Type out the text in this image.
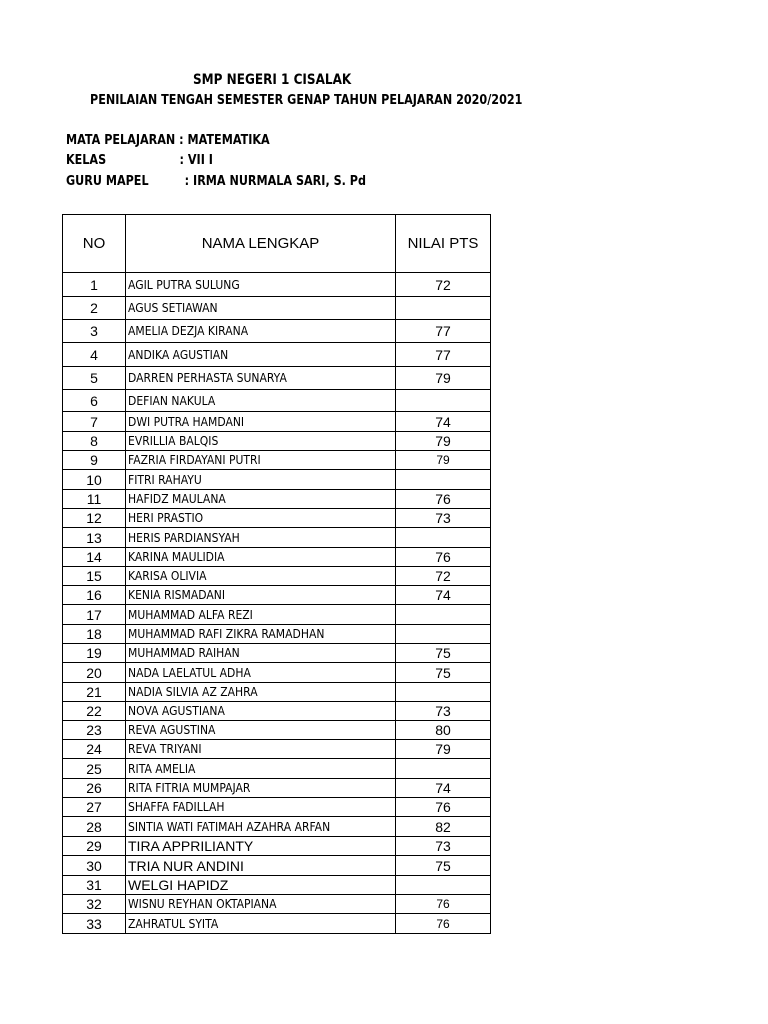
SMP NEGERI 1 CISALAK
PENILAIAN TENGAH SEMESTER GENAP TAHUN PELAJARAN 2020/2021
MATA PELAJARAN : MATEMATIKA
KELAS	: VII I
GURU MAPEL	: IRMA NURMALA SARI, S. Pd
NO	NAMA LENGKAP	NILAI PTS
1	AGIL PUTRA SULUNG	72
2	AGUS SETIAWAN	
3	AMELIA DEZJA KIRANA	77
4	ANDIKA AGUSTIAN	77
5	DARREN PERHASTA SUNARYA	79
6	DEFIAN NAKULA	
7	DWI PUTRA HAMDANI	74
8	EVRILLIA BALQIS	79
9	FAZRIA FIRDAYANI PUTRI	79
10	FITRI RAHAYU	
11	HAFIDZ MAULANA	76
12	HERI PRASTIO	73
13	HERIS PARDIANSYAH	
14	KARINA MAULIDIA	76
15	KARISA OLIVIA	72
16	KENIA RISMADANI	74
17	MUHAMMAD ALFA REZI	
18	MUHAMMAD RAFI ZIKRA RAMADHAN	
19	MUHAMMAD RAIHAN	75
20	NADA LAELATUL ADHA	75
21	NADIA SILVIA AZ ZAHRA	
22	NOVA AGUSTIANA	73
23	REVA AGUSTINA	80
24	REVA TRIYANI	79
25	RITA AMELIA	
26	RITA FITRIA MUMPAJAR	74
27	SHAFFA FADILLAH	76
28	SINTIA WATI FATIMAH AZAHRA ARFAN	82
29	TIRA APPRILIANTY	73
30	TRIA NUR ANDINI	75
31	WELGI HAPIDZ	
32	WISNU REYHAN OKTAPIANA	76
33	ZAHRATUL SYITA	76
